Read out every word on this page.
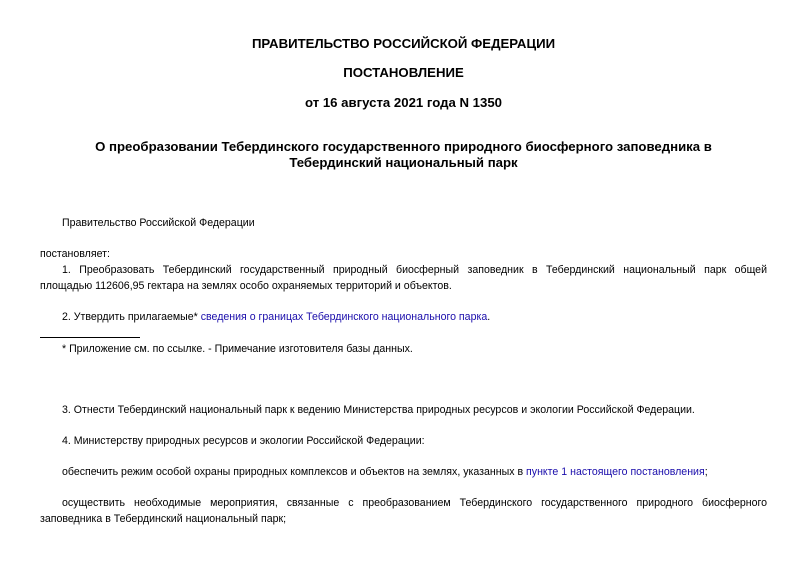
ПРАВИТЕЛЬСТВО РОССИЙСКОЙ ФЕДЕРАЦИИ
ПОСТАНОВЛЕНИЕ
от 16 августа 2021 года N 1350
О преобразовании Тебердинского государственного природного биосферного заповедника в
Тебердинский национальный парк
Правительство Российской Федерации
постановляет:
1. Преобразовать Тебердинский государственный природный биосферный заповедник в Тебердинский национальный парк общей
площадью 112606,95 гектара на землях особо охраняемых территорий и объектов.
2. Утвердить прилагаемые* сведения о границах Тебердинского национального парка.
* Приложение см. по ссылке. - Примечание изготовителя базы данных.
3. Отнести Тебердинский национальный парк к ведению Министерства природных ресурсов и экологии Российской Федерации.
4. Министерству природных ресурсов и экологии Российской Федерации:
обеспечить режим особой охраны природных комплексов и объектов на землях, указанных в пункте 1 настоящего постановления;
осуществить необходимые мероприятия, связанные с преобразованием Тебердинского государственного природного биосферного
заповедника в Тебердинский национальный парк;
